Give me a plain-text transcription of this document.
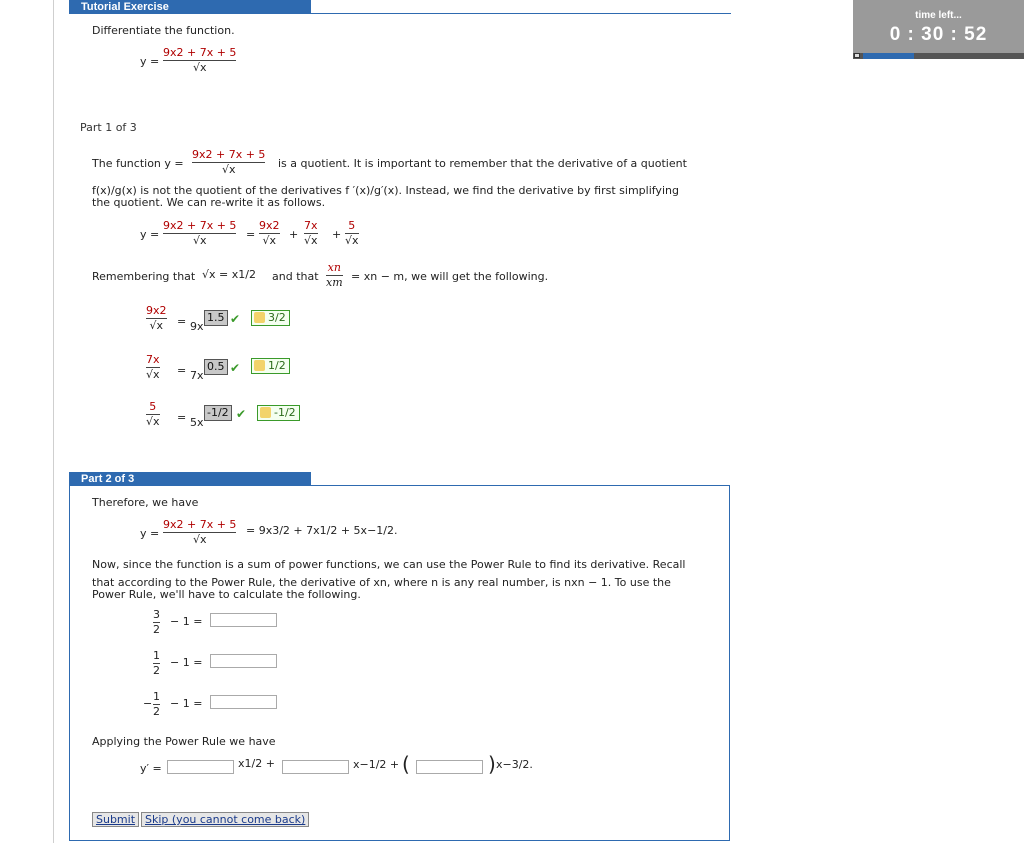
Tutorial Exercise
Differentiate the function.
y =
9x2 + 7x + 5
√x
time left...
0 : 30 : 52
Part 1 of 3
The function y =
9x2 + 7x + 5
√x	is a quotient. It is important to remember that the derivative of a quotient
f(x)/g(x) is not the quotient of the derivatives f ′(x)/g′(x). Instead, we find the derivative by first simplifying
the quotient. We can re-write it as follows.
y =
9x2 + 7x + 5
√x	=
9x2
√x +
7x
√x +
5
√x
Remembering that √x = x1/2 and that
xn
xm = xn − m, we will get the following.
9x2
√x = 9x
1.5 ✔	3/2
7x
√x = 7x
0.5 ✔	1/2
5
√x = 5x
-1/2 ✔	-1/2
Part 2 of 3
Therefore, we have
y =
9x2 + 7x + 5
√x
= 9x3/2 + 7x1/2 + 5x−1/2.
Now, since the function is a sum of power functions, we can use the Power Rule to find its derivative. Recall
that according to the Power Rule, the derivative of xn, where n is any real number, is nxn − 1. To use the
Power Rule, we'll have to calculate the following.
3
2
− 1 =
1
2
− 1 =
−
1
2
− 1 =
Applying the Power Rule we have
y′ =	x1/2 +	x−1/2 + (	) x−3/2.
Submit Skip (you cannot come back)
